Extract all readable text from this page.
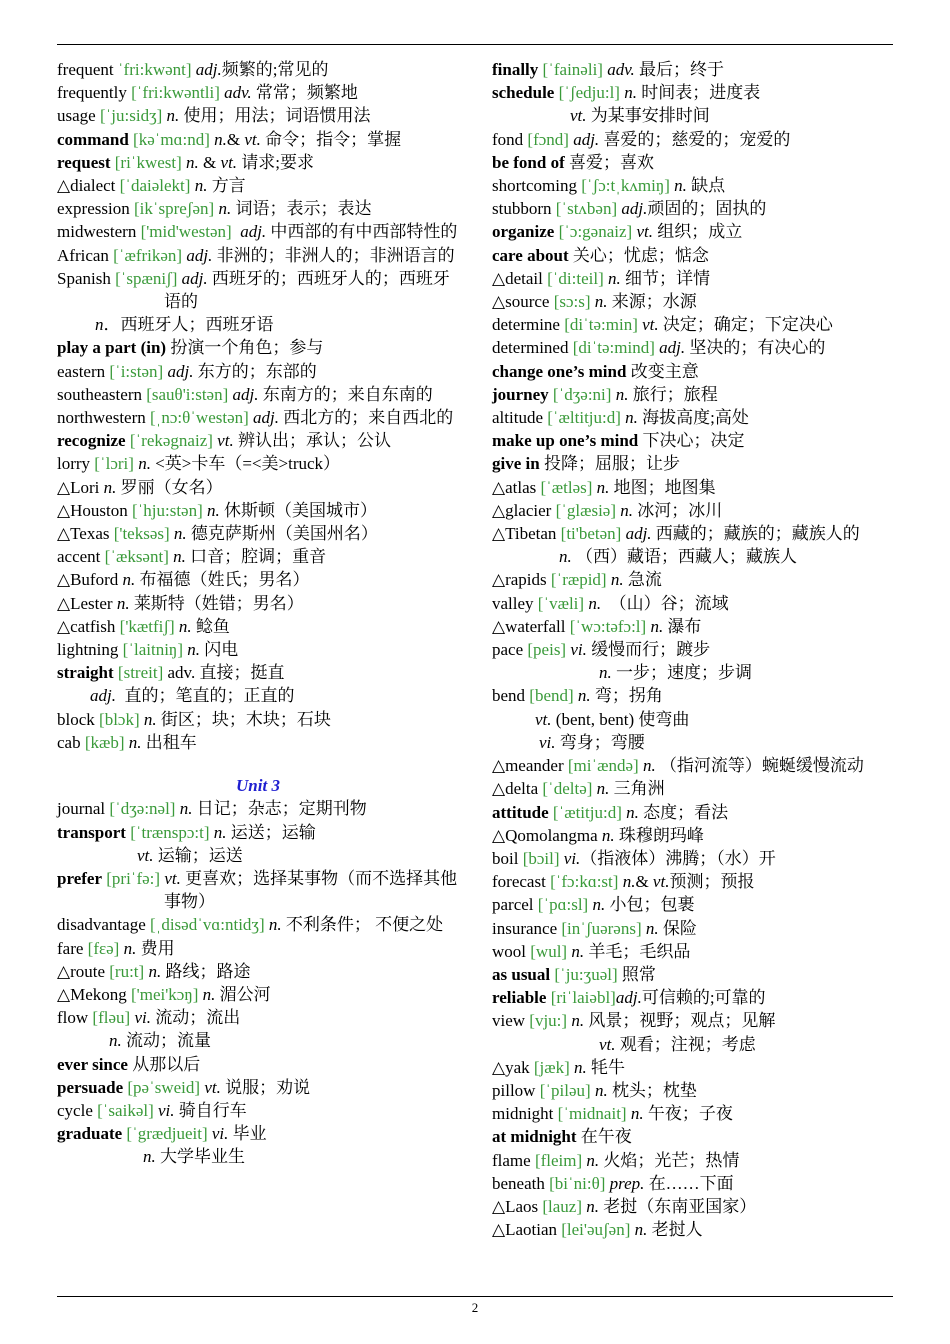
frequent ˈfri:kwənt] adj.频繁的;常见的
frequently [ˈfri:kwəntli] adv. 常常；频繁地
usage [ˈju:sidʒ] n. 使用；用法；词语惯用法
command [kəˈmɑ:nd] n.& vt. 命令；指令；掌握
request [riˈkwest] n. & vt. 请求;要求
△dialect [ˈdaiəlekt] n. 方言
expression [ikˈspreʃən] n. 词语；表示；表达
midwestern ['mid'westən] adj. 中西部的有中西部特性的
African [ˈæfrikən] adj. 非洲的；非洲人的；非洲语言的
Spanish [ˈspæniʃ] adj. 西班牙的；西班牙人的；西班牙语的
n．西班牙人；西班牙语
play a part (in) 扮演一个角色；参与
eastern [ˈi:stən] adj. 东方的；东部的
southeastern [sauθ'i:stən] adj. 东南方的；来自东南的
northwestern [ˌnɔ:θˈwestən] adj. 西北方的；来自西北的
recognize [ˈrekəgnaiz] vt. 辨认出；承认；公认
lorry [ˈlɔri] n. <英>卡车（=<美>truck）
△Lori n. 罗丽（女名）
△Houston [ˈhju:stən] n. 休斯顿（美国城市）
△Texas ['teksəs] n. 德克萨斯州（美国州名）
accent [ˈæksənt] n. 口音；腔调；重音
△Buford n. 布福德（姓氏；男名）
△Lester n. 莱斯特（姓错；男名）
△catfish ['kætfiʃ] n. 鲶鱼
lightning [ˈlaitniŋ] n. 闪电
straight [streit] adv. 直接；挺直
adj.  直的；笔直的；正直的
block [blɔk] n. 街区；块；木块；石块
cab [kæb] n. 出租车
Unit 3
journal [ˈdʒə:nəl] n. 日记；杂志；定期刊物
transport [ˈtrænspɔ:t] n. 运送；运输
vt. 运输；运送
prefer [priˈfə:] vt. 更喜欢；选择某事物（而不选择其他事物）
disadvantage [ˌdisədˈvɑ:ntidʒ] n. 不利条件； 不便之处
fare [fɛə] n. 费用
△route [ru:t] n. 路线；路途
△Mekong ['mei'kɔŋ] n. 湄公河
flow [fləu] vi. 流动；流出
n. 流动；流量
ever since 从那以后
persuade [pəˈsweid] vt. 说服；劝说
cycle [ˈsaikəl] vi. 骑自行车
graduate [ˈgrædjueit] vi. 毕业
n. 大学毕业生
finally [ˈfainəli] adv. 最后；终于
schedule [ˈʃedju:l] n. 时间表；进度表
vt. 为某事安排时间
fond [fɔnd] adj. 喜爱的；慈爱的；宠爱的
be fond of 喜爱；喜欢
shortcoming [ˈʃɔ:tˌkʌmiŋ] n. 缺点
stubborn [ˈstʌbən] adj.顽固的；固执的
organize [ˈɔ:gənaiz] vt. 组织；成立
care about 关心；忧虑；惦念
△detail [ˈdi:teil] n. 细节；详情
△source [sɔ:s] n. 来源；水源
determine [diˈtə:min] vt. 决定；确定；下定决心
determined [diˈtə:mind] adj. 坚决的；有决心的
change one’s mind 改变主意
journey [ˈdʒə:ni] n. 旅行；旅程
altitude [ˈæltitju:d] n. 海拔高度;高处
make up one’s mind 下决心；决定
give in 投降；屈服；让步
△atlas [ˈætləs] n. 地图；地图集
△glacier [ˈglæsiə] n. 冰河；冰川
△Tibetan [ti'betən] adj. 西藏的；藏族的；藏族人的
n. （西）藏语；西藏人；藏族人
△rapids [ˈræpid] n. 急流
valley [ˈvæli] n.  （山）谷；流域
△waterfall [ˈwɔ:təfɔ:l] n. 瀑布
pace [peis] vi. 缓慢而行；踱步
n. 一步；速度；步调
bend [bend] n. 弯；拐角
vt. (bent, bent) 使弯曲
vi. 弯身；弯腰
△meander [miˈændə] n. （指河流等）蜿蜒缓慢流动
△delta [ˈdeltə] n. 三角洲
attitude [ˈætitju:d] n. 态度；看法
△Qomolangma n. 珠穆朗玛峰
boil [bɔil] vi.（指液体）沸腾；（水）开
forecast [ˈfɔ:kɑ:st] n.& vt.预测；预报
parcel [ˈpɑ:sl] n. 小包；包裹
insurance [inˈʃuərəns] n. 保险
wool [wul] n. 羊毛；毛织品
as usual [ˈju:ʒuəl] 照常
reliable [riˈlaiəbl]adj.可信赖的;可靠的
view [vju:] n. 风景；视野；观点；见解
vt. 观看；注视；考虑
△yak [jæk] n. 牦牛
pillow [ˈpiləu] n. 枕头；枕垫
midnight [ˈmidnait] n. 午夜；子夜
at midnight 在午夜
flame [fleim] n. 火焰；光芒；热情
beneath [biˈni:θ] prep. 在……下面
△Laos [lauz] n. 老挝（东南亚国家）
△Laotian [lei'əuʃən] n. 老挝人
2
